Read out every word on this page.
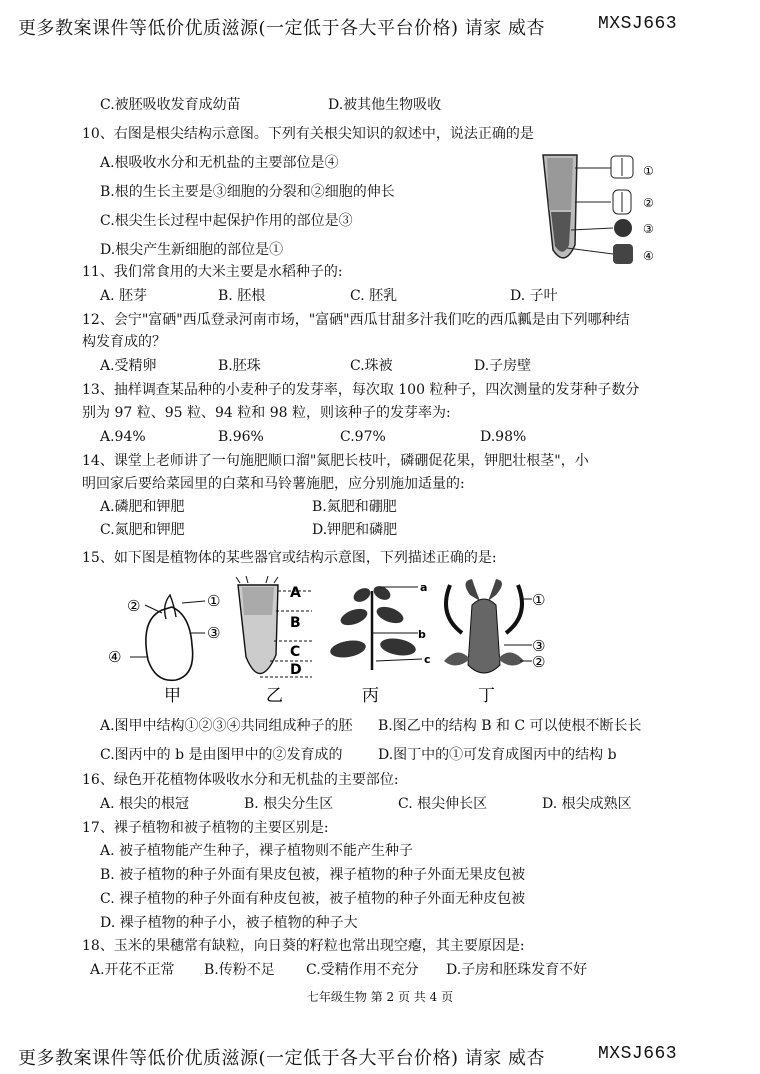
更多教案课件等低价优质滋源(一定低于各大平台价格) 请家 威杏	MXSJ663
C.被胚吸收发育成幼苗	D.被其他生物吸收
10、右图是根尖结构示意图。下列有关根尖知识的叙述中，说法正确的是
A.根吸收水分和无机盐的主要部位是④
B.根的生长主要是③细胞的分裂和②细胞的伸长
C.根尖生长过程中起保护作用的部位是③
D.根尖产生新细胞的部位是①
①
②
③
④
11、我们常食用的大米主要是水稻种子的:
A. 胚芽	B. 胚根	C. 胚乳	D. 子叶
12、会宁"富硒"西瓜登录河南市场，"富硒"西瓜甘甜多汁我们吃的西瓜瓤是由下列哪种结
构发育成的？
A.受精卵	B.胚珠	C.珠被	D.子房壁
13、抽样调查某品种的小麦种子的发芽率，每次取 100 粒种子，四次测量的发芽种子数分
别为 97 粒、95 粒、94 粒和 98 粒，则该种子的发芽率为:
A.94%	B.96%	C.97%	D.98%
14、课堂上老师讲了一句施肥顺口溜"氮肥长枝叶，磷硼促花果，钾肥壮根茎"，小
明回家后要给菜园里的白菜和马铃薯施肥，应分别施加适量的:
A.磷肥和钾肥	B.氮肥和硼肥
C.氮肥和钾肥	D.钾肥和磷肥
15、如下图是植物体的某些器官或结构示意图，下列描述正确的是:
②	①
③
④
A
B
C
D
a
b
c
①
③
②
甲	乙	丙	丁
A.图甲中结构①②③④共同组成种子的胚 B.图乙中的结构 B 和 C 可以使根不断长长
C.图丙中的 b 是由图甲中的②发育成的	D.图丁中的①可发育成图丙中的结构 b
16、绿色开花植物体吸收水分和无机盐的主要部位:
A. 根尖的根冠	B. 根尖分生区	C. 根尖伸长区	D. 根尖成熟区
17、裸子植物和被子植物的主要区别是:
A. 被子植物能产生种子，裸子植物则不能产生种子
B. 被子植物的种子外面有果皮包被，裸子植物的种子外面无果皮包被
C. 裸子植物的种子外面有种皮包被，被子植物的种子外面无种皮包被
D. 裸子植物的种子小，被子植物的种子大
18、玉米的果穗常有缺粒，向日葵的籽粒也常出现空瘪，其主要原因是:
A.开花不正常 B.传粉不足 C.受精作用不充分 D.子房和胚珠发育不好
七年级生物 第 2 页 共 4 页
更多教案课件等低价优质滋源(一定低于各大平台价格) 请家 威杏	MXSJ663
